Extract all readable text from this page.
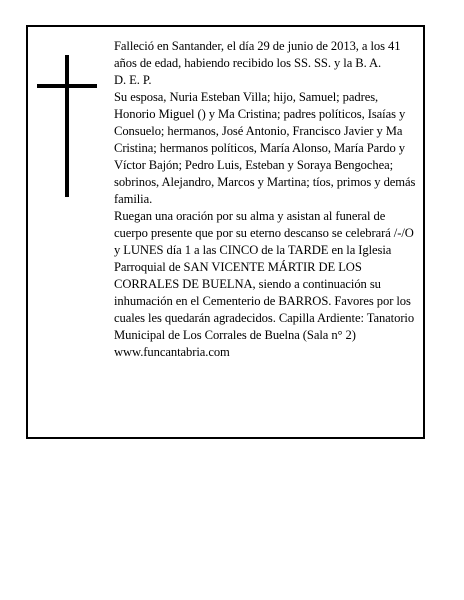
Falleció en Santander, el día 29 de junio de 2013, a los 41 años de edad, habiendo recibido los SS. SS. y la B. A.

D. E. P.

Su esposa, Nuria Esteban Villa; hijo, Samuel; padres, Honorio Miguel () y Ma Cristina; padres políticos, Isaías y Consuelo; hermanos, José Antonio, Francisco Javier y Ma Cristina; hermanos políticos, María Alonso, María Pardo y Víctor Bajón; Pedro Luis, Esteban y Soraya Bengochea; sobrinos, Alejandro, Marcos y Martina; tíos, primos y demás familia.

Ruegan una oración por su alma y asistan al funeral de cuerpo presente que por su eterno descanso se celebrará /-/O y LUNES día 1 a las CINCO de la TARDE en la Iglesia Parroquial de SAN VICENTE MÁRTIR DE LOS CORRALES DE BUELNA, siendo a continuación su inhumación en el Cementerio de BARROS. Favores por los cuales les quedarán agradecidos. Capilla Ardiente: Tanatorio Municipal de Los Corrales de Buelna (Sala n° 2)

www.funcantabria.com
